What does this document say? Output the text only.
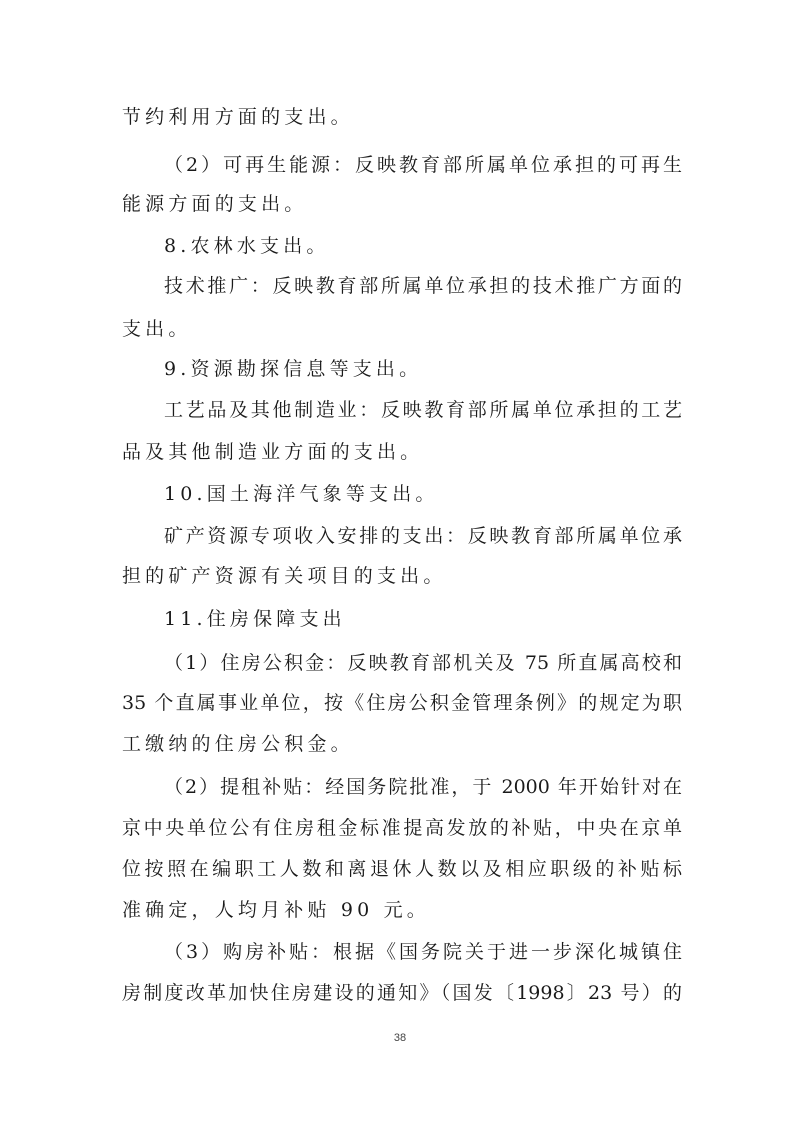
节约利用方面的支出。
（2）可再生能源：反映教育部所属单位承担的可再生
能源方面的支出。
8.农林水支出。
技术推广：反映教育部所属单位承担的技术推广方面的
支出。
9.资源勘探信息等支出。
工艺品及其他制造业：反映教育部所属单位承担的工艺
品及其他制造业方面的支出。
10.国土海洋气象等支出。
矿产资源专项收入安排的支出：反映教育部所属单位承
担的矿产资源有关项目的支出。
11.住房保障支出
（1）住房公积金：反映教育部机关及 75 所直属高校和
35 个直属事业单位，按《住房公积金管理条例》的规定为职
工缴纳的住房公积金。
（2）提租补贴：经国务院批准，于 2000 年开始针对在
京中央单位公有住房租金标准提高发放的补贴，中央在京单
位按照在编职工人数和离退休人数以及相应职级的补贴标
准确定，人均月补贴 90 元。
（3）购房补贴：根据《国务院关于进一步深化城镇住
房制度改革加快住房建设的通知》（国发〔1998〕23 号）的
38
